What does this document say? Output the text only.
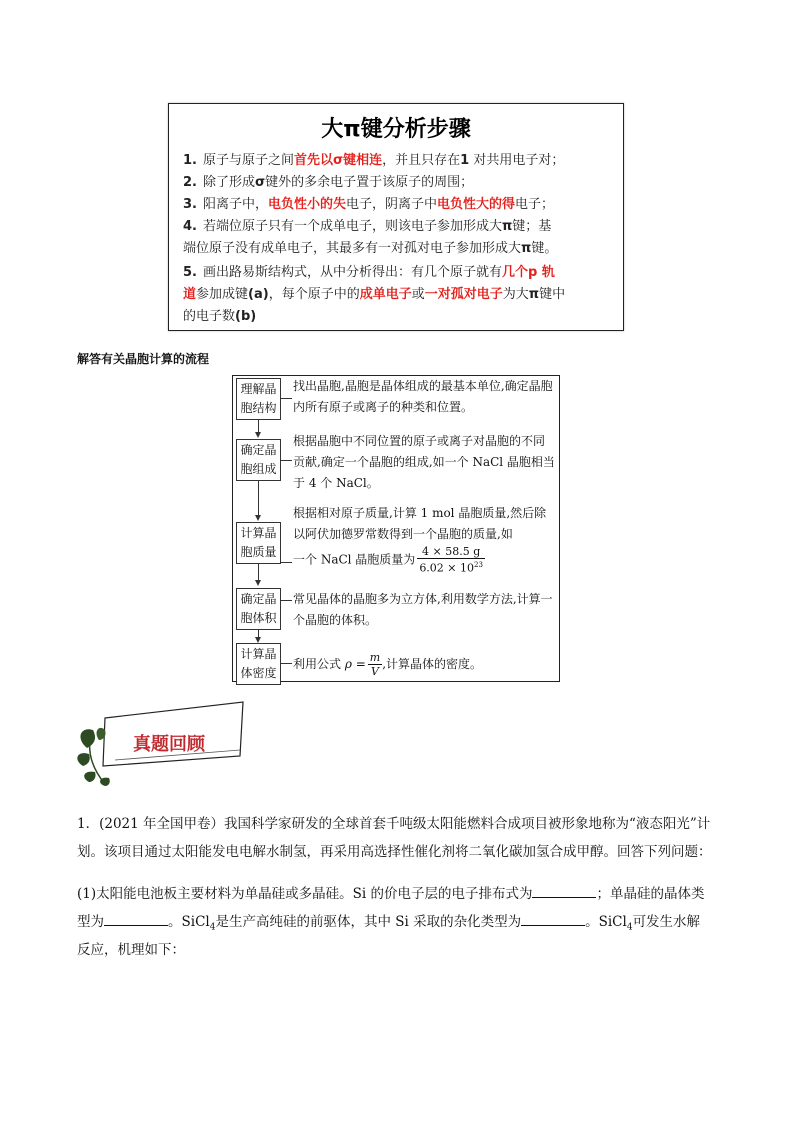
大π键分析步骤
1. 原子与原子之间首先以σ键相连，并且只存在1 对共用电子对；
2. 除了形成σ键外的多余电子置于该原子的周围；
3. 阳离子中，电负性小的失电子，阴离子中电负性大的得电子；
4. 若端位原子只有一个成单电子，则该电子参加形成大π键；基
端位原子没有成单电子，其最多有一对孤对电子参加形成大π键。
5. 画出路易斯结构式，从中分析得出：有几个原子就有几个p 轨
道参加成键(a)，每个原子中的成单电子或一对孤对电子为大π键中
的电子数(b)
解答有关晶胞计算的流程
理解晶
胞结构
找出晶胞,晶胞是晶体组成的最基本单位,确定晶胞内所有原子或离子的种类和位置。
确定晶
胞组成
根据晶胞中不同位置的原子或离子对晶胞的不同贡献,确定一个晶胞的组成,如一个 NaCl 晶胞相当于 4 个 NaCl。
计算晶
胞质量
根据相对原子质量,计算 1 mol 晶胞质量,然后除以阿伏加德罗常数得到一个晶胞的质量,如
一个 NaCl 晶胞质量为 $\frac{4 \times 58.5 g}{6.02 \times 10^{23}}$
确定晶
胞体积
常见晶体的晶胞多为立方体,利用数学方法,计算一个晶胞的体积。
计算晶
体密度
利用公式 $\rho = \frac{m}{V}$ ,计算晶体的密度。
真题回顾
1．(2021 年全国甲卷）我国科学家研发的全球首套千吨级太阳能燃料合成项目被形象地称为“液态阳光”计
划。该项目通过太阳能发电电解水制氢，再采用高选择性催化剂将二氧化碳加氢合成甲醇。回答下列问题：
(1)太阳能电池板主要材料为单晶硅或多晶硅。Si 的价电子层的电子排布式为	；单晶硅的晶体类
型为	。SiCl$_4$是生产高纯硅的前驱体，其中 Si 采取的杂化类型为	。SiCl$_4$可发生水解
反应，机理如下：
